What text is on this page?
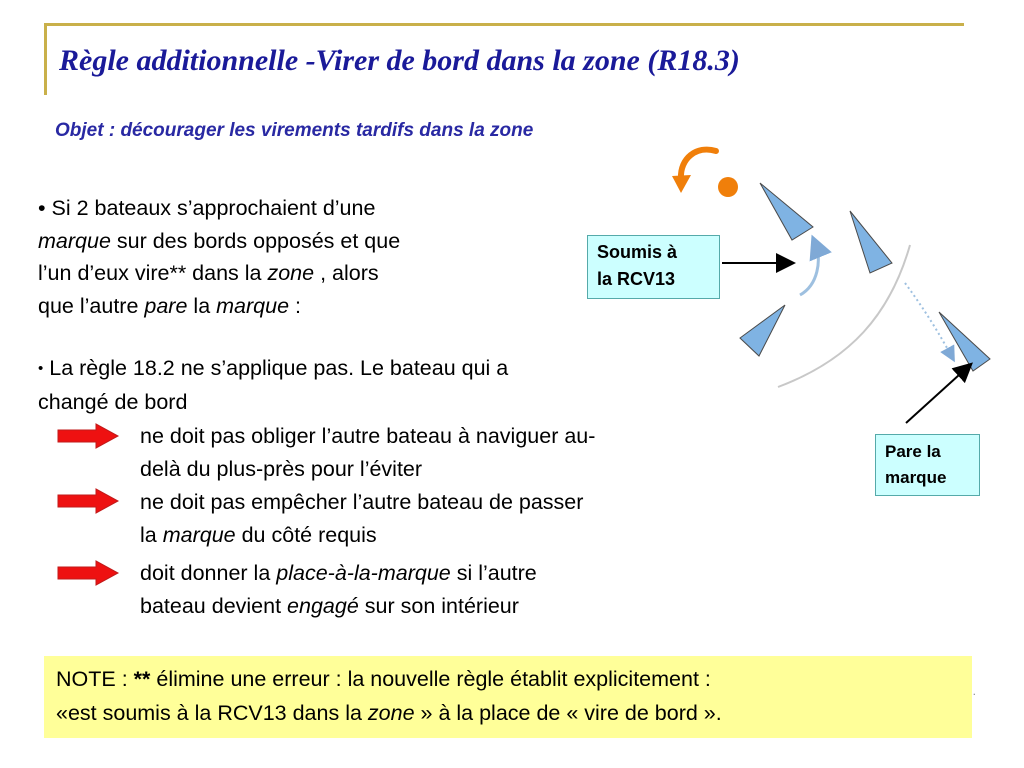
Règle additionnelle -Virer de bord dans la zone (R18.3)

Objet : décourager les virements tardifs dans la zone

• Si 2 bateaux s’approchaient d’une
marque sur des bords opposés et que
l’un d’eux vire** dans la zone , alors
que l’autre pare la marque :
• La règle 18.2 ne s’applique pas. Le bateau qui a
changé de bord
ne doit pas obliger l’autre bateau à naviguer au-
delà du plus-près pour l’éviter
ne doit pas empêcher l’autre bateau de passer
la marque du côté requis
doit donner la place-à-la-marque si l’autre
bateau devient engagé sur son intérieur
Soumis à
la RCV13
Pare la
marque
NOTE : ** élimine une erreur : la nouvelle règle établit explicitement :
«est soumis à la RCV13 dans la zone » à la place de « vire de bord ».
.
